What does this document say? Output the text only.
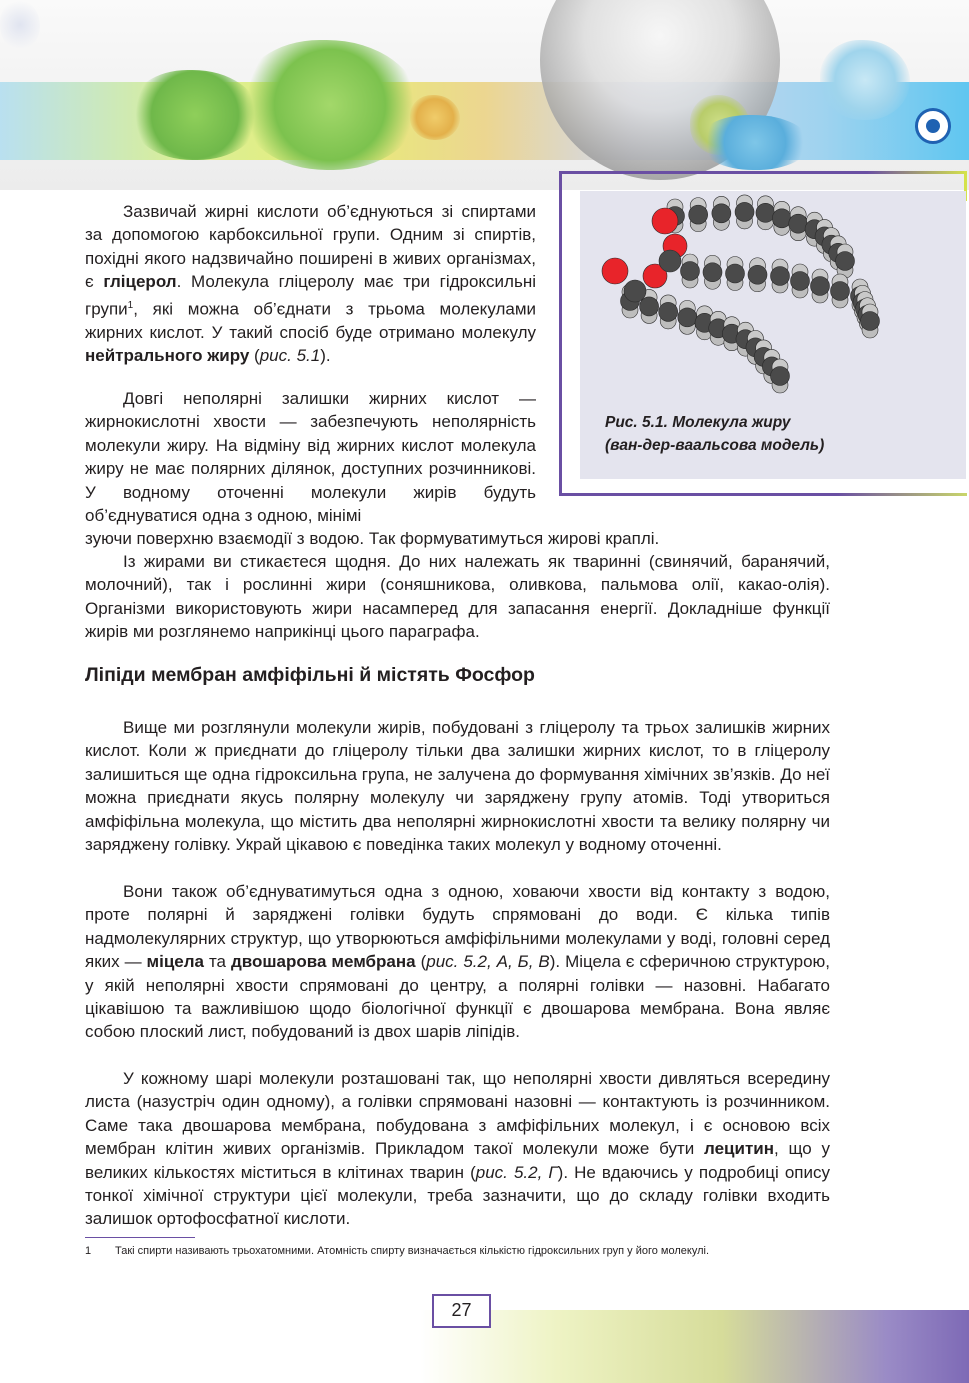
Зазвичай жирні кислоти об’єднуються зі спиртами за допомогою карбоксильної групи. Одним зі спиртів, похідні якого надзвичайно поширені в живих організмах, є гліцерол. Молекула гліцеролу має три гідроксильні групи$^1$, які можна об’єднати з трьома молекулами жирних кислот. У такий спосіб буде отримано молекулу нейтрального жиру (рис. 5.1).

Довгі неполярні залишки жирних кислот — жирнокислотні хвости — забезпечують неполярність молекули жиру. На відміну від жирних кислот молекула жиру не має полярних ділянок, доступних розчинникові. У водному оточенні молекули жирів будуть об’єднуватися одна з одною, мінімі

зуючи поверхню взаємодії з водою. Так формуватимуться жирові краплі.

Із жирами ви стикаєтеся щодня. До них належать як тваринні (свинячий, баранячий, молочний), так і рослинні жири (соняшникова, оливкова, пальмова олії, какао-олія). Організми використовують жири насамперед для запасання енергії. Докладніше функції жирів ми розглянемо наприкінці цього параграфа.

Рис. 5.1. Молекула жиру
(ван-дер-ваальсова модель)
Ліпіди мембран амфіфільні й містять Фосфор

Вище ми розглянули молекули жирів, побудовані з гліцеролу та трьох залишків жирних кислот. Коли ж приєднати до гліцеролу тільки два залишки жирних кислот, то в гліцеролу залишиться ще одна гідроксильна група, не залучена до формування хімічних зв’язків. До неї можна приєднати якусь полярну молекулу чи заряджену групу атомів. Тоді утвориться амфіфільна молекула, що містить два неполярні жирнокислотні хвости та велику полярну чи заряджену голівку. Украй цікавою є поведінка таких молекул у водному оточенні.

Вони також об’єднуватимуться одна з одною, ховаючи хвости від контакту з водою, проте полярні й заряджені голівки будуть спрямовані до води. Є кілька типів надмолекулярних структур, що утворюються амфіфільними молекулами у воді, головні серед яких — міцела та двошарова мембрана (рис. 5.2, А, Б, В). Міцела є сферичною структурою, у якій неполярні хвости спрямовані до центру, а полярні голівки — назовні. Набагато цікавішою та важливішою щодо біологічної функції є двошарова мембрана. Вона являє собою плоский лист, побудований із двох шарів ліпідів.

У кожному шарі молекули розташовані так, що неполярні хвости дивляться всередину листа (назустріч один одному), а голівки спрямовані назовні — контактують із розчинником. Саме така двошарова мембрана, побудована з амфіфільних молекул, і є основою всіх мембран клітин живих організмів. Прикладом такої молекули може бути лецитин, що у великих кількостях міститься в клітинах тварин (рис. 5.2, Г). Не вдаючись у подробиці опису тонкої хімічної структури цієї молекули, треба зазначити, що до складу голівки входить залишок ортофосфатної кислоти.

1 Такі спирти називають трьохатомними. Атомність спирту визначається кількістю гідроксильних груп у його молекулі.
27
